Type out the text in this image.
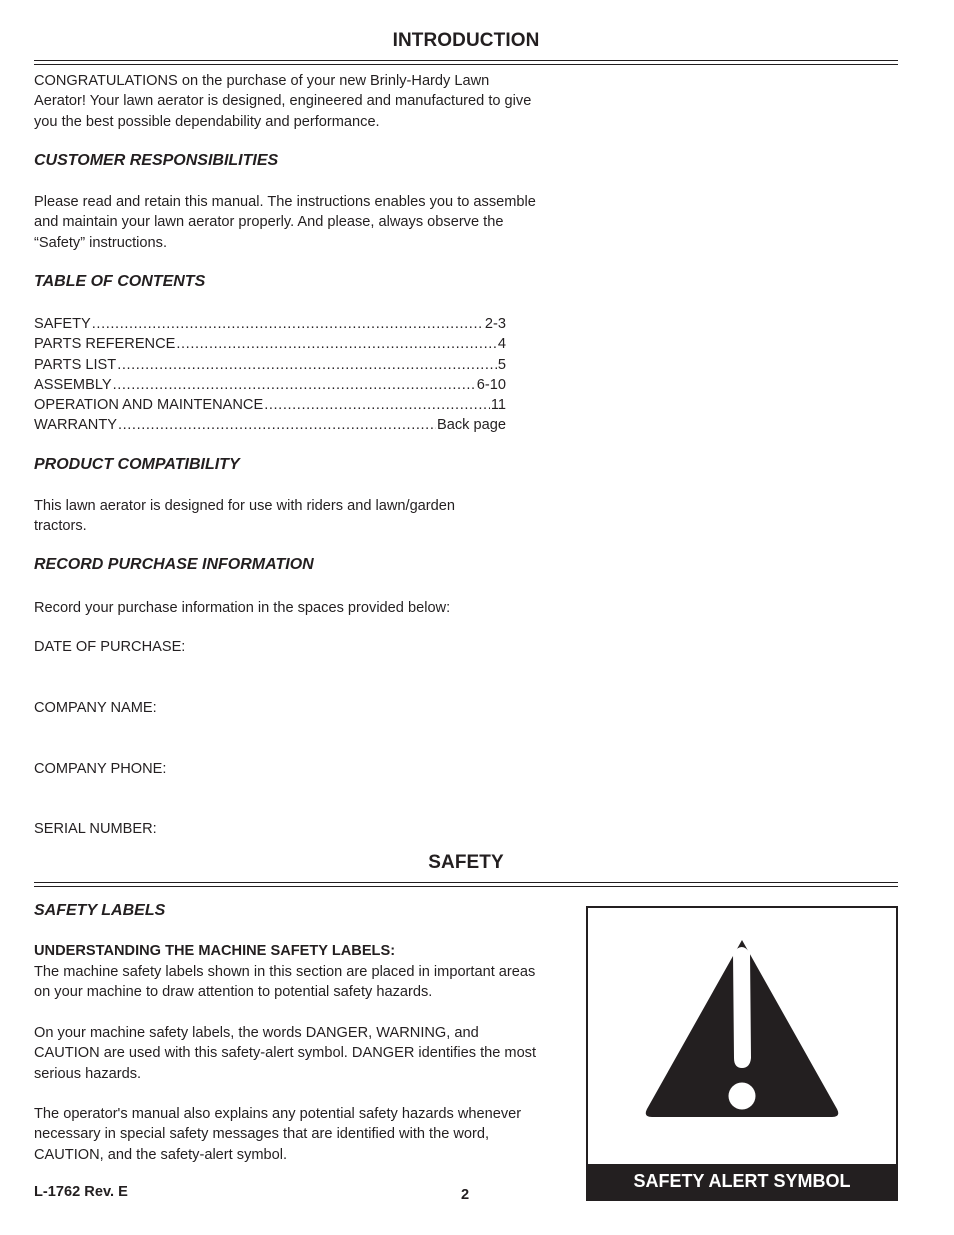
INTRODUCTION
CONGRATULATIONS on the purchase of your new Brinly-Hardy Lawn Aerator! Your lawn aerator is designed, engineered and manufactured to give you the best possible dependability and performance.
CUSTOMER RESPONSIBILITIES
Please read and retain this manual. The instructions enables you to assemble and maintain your lawn aerator properly. And please, always observe the “Safety” instructions.
TABLE OF CONTENTS
SAFETY .....	2-3
PARTS REFERENCE .....	4
PARTS LIST .....	5
ASSEMBLY .....	6-10
OPERATION AND MAINTENANCE .....	11
WARRANTY .....	Back page
PRODUCT COMPATIBILITY
This lawn aerator is designed for use with riders and lawn/garden tractors.
RECORD PURCHASE INFORMATION
Record your purchase information in the spaces provided below:
DATE OF PURCHASE:
COMPANY NAME:
COMPANY PHONE:
SERIAL NUMBER:
SAFETY
SAFETY LABELS
UNDERSTANDING THE MACHINE SAFETY LABELS:
The machine safety labels shown in this section are placed in important areas on your machine to draw attention to potential safety hazards.
On your machine safety labels, the words DANGER, WARNING, and CAUTION are used with this safety-alert symbol. DANGER identifies the most serious hazards.
The operator's manual also explains any potential safety hazards whenever necessary in special safety messages that are identified with the word, CAUTION, and the safety-alert symbol.
SAFETY ALERT SYMBOL
L-1762 Rev. E	2
